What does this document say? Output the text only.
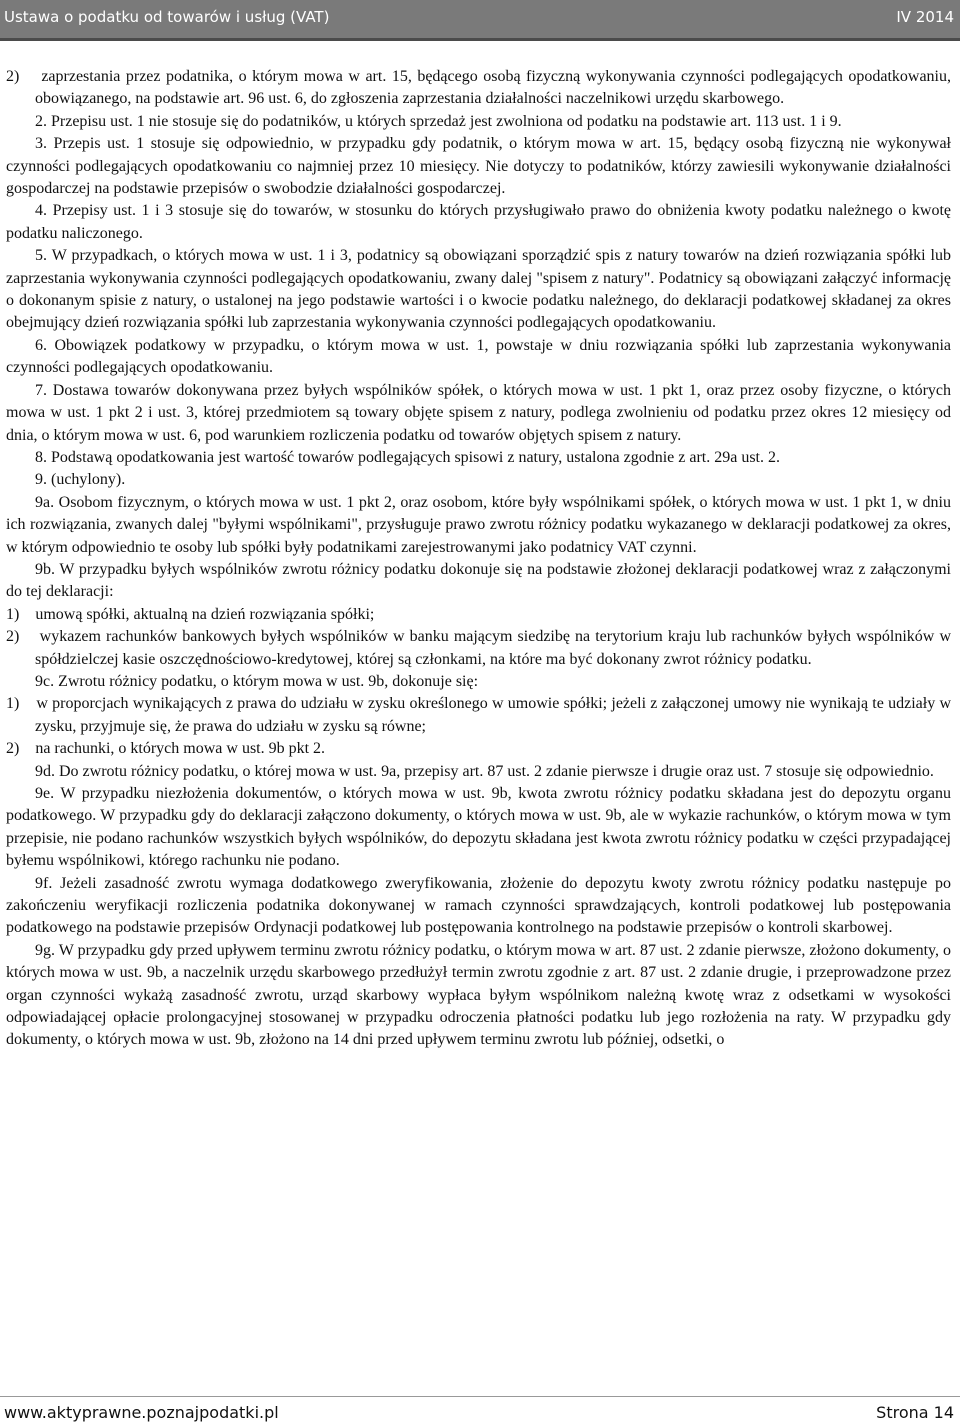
Ustawa o podatku od towarów i usług (VAT)	IV 2014

2)    zaprzestania przez podatnika, o którym mowa w art. 15, będącego osobą fizyczną wykonywania czynności podlegających opodatkowaniu, obowiązanego, na podstawie art. 96 ust. 6, do zgłoszenia zaprzestania działalności naczelnikowi urzędu skarbowego.

2. Przepisu ust. 1 nie stosuje się do podatników, u których sprzedaż jest zwolniona od podatku na podstawie art. 113 ust. 1 i 9.

3. Przepis ust. 1 stosuje się odpowiednio, w przypadku gdy podatnik, o którym mowa w art. 15, będący osobą fizyczną nie wykonywał czynności podlegających opodatkowaniu co najmniej przez 10 miesięcy. Nie dotyczy to podatników, którzy zawiesili wykonywanie działalności gospodarczej na podstawie przepisów o swobodzie działalności gospodarczej.

4. Przepisy ust. 1 i 3 stosuje się do towarów, w stosunku do których przysługiwało prawo do obniżenia kwoty podatku należnego o kwotę podatku naliczonego.

5. W przypadkach, o których mowa w ust. 1 i 3, podatnicy są obowiązani sporządzić spis z natury towarów na dzień rozwiązania spółki lub zaprzestania wykonywania czynności podlegających opodatkowaniu, zwany dalej "spisem z natury". Podatnicy są obowiązani załączyć informację o dokonanym spisie z natury, o ustalonej na jego podstawie wartości i o kwocie podatku należnego, do deklaracji podatkowej składanej za okres obejmujący dzień rozwiązania spółki lub zaprzestania wykonywania czynności podlegających opodatkowaniu.

6. Obowiązek podatkowy w przypadku, o którym mowa w ust. 1, powstaje w dniu rozwiązania spółki lub zaprzestania wykonywania czynności podlegających opodatkowaniu.

7. Dostawa towarów dokonywana przez byłych wspólników spółek, o których mowa w ust. 1 pkt 1, oraz przez osoby fizyczne, o których mowa w ust. 1 pkt 2 i ust. 3, której przedmiotem są towary objęte spisem z natury, podlega zwolnieniu od podatku przez okres 12 miesięcy od dnia, o którym mowa w ust. 6, pod warunkiem rozliczenia podatku od towarów objętych spisem z natury.

8. Podstawą opodatkowania jest wartość towarów podlegających spisowi z natury, ustalona zgodnie z art. 29a ust. 2.

9. (uchylony).

9a. Osobom fizycznym, o których mowa w ust. 1 pkt 2, oraz osobom, które były wspólnikami spółek, o których mowa w ust. 1 pkt 1, w dniu ich rozwiązania, zwanych dalej "byłymi wspólnikami", przysługuje prawo zwrotu różnicy podatku wykazanego w deklaracji podatkowej za okres, w którym odpowiednio te osoby lub spółki były podatnikami zarejestrowanymi jako podatnicy VAT czynni.

9b. W przypadku byłych wspólników zwrotu różnicy podatku dokonuje się na podstawie złożonej deklaracji podatkowej wraz z załączonymi do tej deklaracji:

1)    umową spółki, aktualną na dzień rozwiązania spółki;

2)    wykazem rachunków bankowych byłych wspólników w banku mającym siedzibę na terytorium kraju lub rachunków byłych wspólników w spółdzielczej kasie oszczędnościowo-kredytowej, której są członkami, na które ma być dokonany zwrot różnicy podatku.

9c. Zwrotu różnicy podatku, o którym mowa w ust. 9b, dokonuje się:

1)    w proporcjach wynikających z prawa do udziału w zysku określonego w umowie spółki; jeżeli z załączonej umowy nie wynikają te udziały w zysku, przyjmuje się, że prawa do udziału w zysku są równe;

2)    na rachunki, o których mowa w ust. 9b pkt 2.

9d. Do zwrotu różnicy podatku, o której mowa w ust. 9a, przepisy art. 87 ust. 2 zdanie pierwsze i drugie oraz ust. 7 stosuje się odpowiednio.

9e. W przypadku niezłożenia dokumentów, o których mowa w ust. 9b, kwota zwrotu różnicy podatku składana jest do depozytu organu podatkowego. W przypadku gdy do deklaracji załączono dokumenty, o których mowa w ust. 9b, ale w wykazie rachunków, o którym mowa w tym przepisie, nie podano rachunków wszystkich byłych wspólników, do depozytu składana jest kwota zwrotu różnicy podatku w części przypadającej byłemu wspólnikowi, którego rachunku nie podano.

9f. Jeżeli zasadność zwrotu wymaga dodatkowego zweryfikowania, złożenie do depozytu kwoty zwrotu różnicy podatku następuje po zakończeniu weryfikacji rozliczenia podatnika dokonywanej w ramach czynności sprawdzających, kontroli podatkowej lub postępowania podatkowego na podstawie przepisów Ordynacji podatkowej lub postępowania kontrolnego na podstawie przepisów o kontroli skarbowej.

9g. W przypadku gdy przed upływem terminu zwrotu różnicy podatku, o którym mowa w art. 87 ust. 2 zdanie pierwsze, złożono dokumenty, o których mowa w ust. 9b, a naczelnik urzędu skarbowego przedłużył termin zwrotu zgodnie z art. 87 ust. 2 zdanie drugie, i przeprowadzone przez organ czynności wykażą zasadność zwrotu, urząd skarbowy wypłaca byłym wspólnikom należną kwotę wraz z odsetkami w wysokości odpowiadającej opłacie prolongacyjnej stosowanej w przypadku odroczenia płatności podatku lub jego rozłożenia na raty. W przypadku gdy dokumenty, o których mowa w ust. 9b, złożono na 14 dni przed upływem terminu zwrotu lub później, odsetki, o

www.aktyprawne.poznajpodatki.pl	Strona 14
